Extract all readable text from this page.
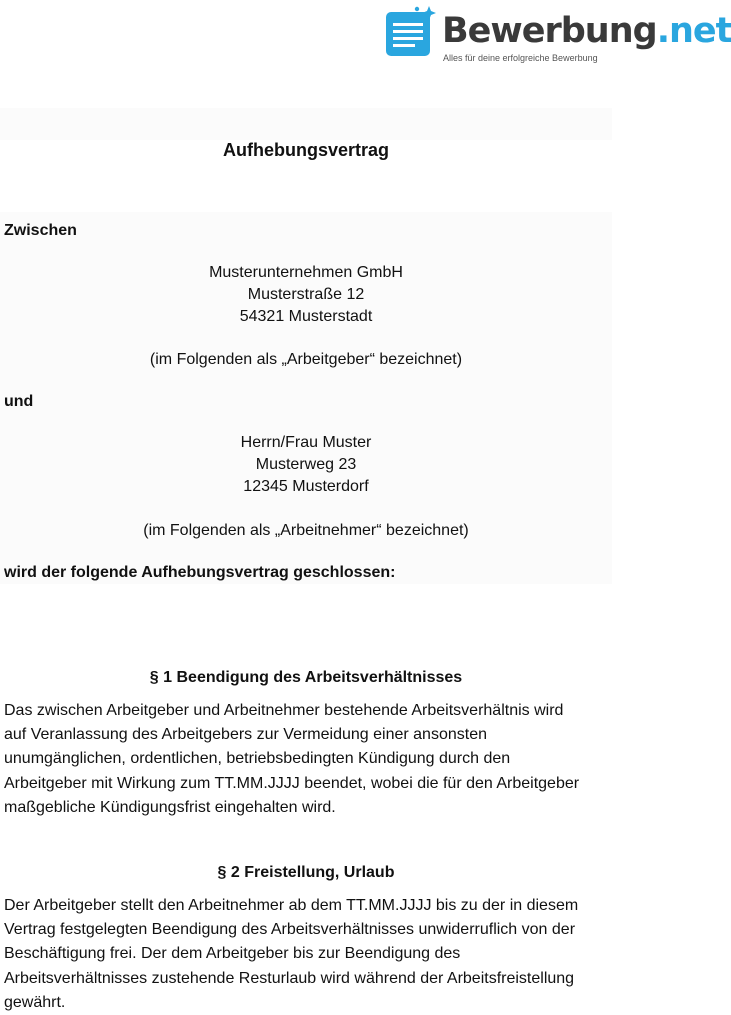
Bewerbung.net
Alles für deine erfolgreiche Bewerbung
Aufhebungsvertrag
Zwischen
Musterunternehmen GmbH
Musterstraße 12
54321 Musterstadt
(im Folgenden als „Arbeitgeber“ bezeichnet)
und
Herrn/Frau Muster
Musterweg 23
12345 Musterdorf
(im Folgenden als „Arbeitnehmer“ bezeichnet)
wird der folgende Aufhebungsvertrag geschlossen:
§ 1 Beendigung des Arbeitsverhältnisses
Das zwischen Arbeitgeber und Arbeitnehmer bestehende Arbeitsverhältnis wird
auf Veranlassung des Arbeitgebers zur Vermeidung einer ansonsten
unumgänglichen, ordentlichen, betriebsbedingten Kündigung durch den
Arbeitgeber mit Wirkung zum TT.MM.JJJJ beendet, wobei die für den Arbeitgeber
maßgebliche Kündigungsfrist eingehalten wird.
§ 2 Freistellung, Urlaub
Der Arbeitgeber stellt den Arbeitnehmer ab dem TT.MM.JJJJ bis zu der in diesem
Vertrag festgelegten Beendigung des Arbeitsverhältnisses unwiderruflich von der
Beschäftigung frei. Der dem Arbeitgeber bis zur Beendigung des
Arbeitsverhältnisses zustehende Resturlaub wird während der Arbeitsfreistellung
gewährt.
